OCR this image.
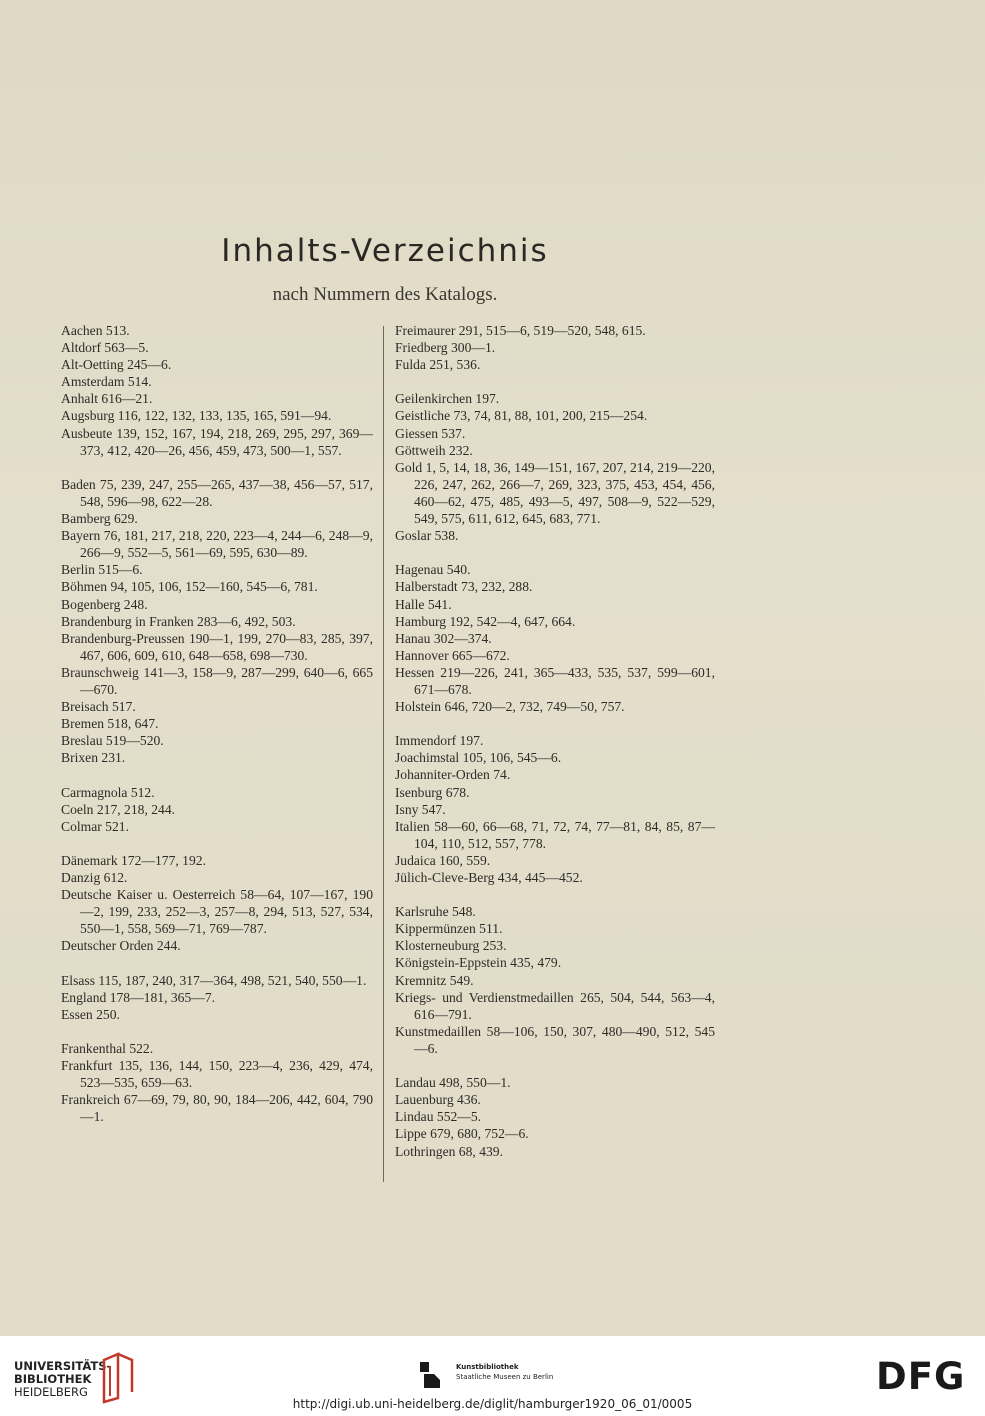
Inhalts-Verzeichnis
nach Nummern des Katalogs.
Aachen 513.
Altdorf 563—5.
Alt-Oetting 245—6.
Amsterdam 514.
Anhalt 616—21.
Augsburg 116, 122, 132, 133, 135, 165, 591—94.
Ausbeute 139, 152, 167, 194, 218, 269, 295, 297, 369—373, 412, 420—26, 456, 459, 473, 500—1, 557.
Baden 75, 239, 247, 255—265, 437—38, 456—57, 517, 548, 596—98, 622—28.
Bamberg 629.
Bayern 76, 181, 217, 218, 220, 223—4, 244—6, 248—9, 266—9, 552—5, 561—69, 595, 630—89.
Berlin 515—6.
Böhmen 94, 105, 106, 152—160, 545—6, 781.
Bogenberg 248.
Brandenburg in Franken 283—6, 492, 503.
Brandenburg-Preussen 190—1, 199, 270—83, 285, 397, 467, 606, 609, 610, 648—658, 698—730.
Braunschweig 141—3, 158—9, 287—299, 640—6, 665—670.
Breisach 517.
Bremen 518, 647.
Breslau 519—520.
Brixen 231.
Carmagnola 512.
Coeln 217, 218, 244.
Colmar 521.
Dänemark 172—177, 192.
Danzig 612.
Deutsche Kaiser u. Oesterreich 58—64, 107—167, 190—2, 199, 233, 252—3, 257—8, 294, 513, 527, 534, 550—1, 558, 569—71, 769—787.
Deutscher Orden 244.
Elsass 115, 187, 240, 317—364, 498, 521, 540, 550—1.
England 178—181, 365—7.
Essen 250.
Frankenthal 522.
Frankfurt 135, 136, 144, 150, 223—4, 236, 429, 474, 523—535, 659—63.
Frankreich 67—69, 79, 80, 90, 184—206, 442, 604, 790—1.
Freimaurer 291, 515—6, 519—520, 548, 615.
Friedberg 300—1.
Fulda 251, 536.
Geilenkirchen 197.
Geistliche 73, 74, 81, 88, 101, 200, 215—254.
Giessen 537.
Göttweih 232.
Gold 1, 5, 14, 18, 36, 149—151, 167, 207, 214, 219—220, 226, 247, 262, 266—7, 269, 323, 375, 453, 454, 456, 460—62, 475, 485, 493—5, 497, 508—9, 522—529, 549, 575, 611, 612, 645, 683, 771.
Goslar 538.
Hagenau 540.
Halberstadt 73, 232, 288.
Halle 541.
Hamburg 192, 542—4, 647, 664.
Hanau 302—374.
Hannover 665—672.
Hessen 219—226, 241, 365—433, 535, 537, 599—601, 671—678.
Holstein 646, 720—2, 732, 749—50, 757.
Immendorf 197.
Joachimstal 105, 106, 545—6.
Johanniter-Orden 74.
Isenburg 678.
Isny 547.
Italien 58—60, 66—68, 71, 72, 74, 77—81, 84, 85, 87—104, 110, 512, 557, 778.
Judaica 160, 559.
Jülich-Cleve-Berg 434, 445—452.
Karlsruhe 548.
Kippermünzen 511.
Klosterneuburg 253.
Königstein-Eppstein 435, 479.
Kremnitz 549.
Kriegs- und Verdienstmedaillen 265, 504, 544, 563—4, 616—791.
Kunstmedaillen 58—106, 150, 307, 480—490, 512, 545—6.
Landau 498, 550—1.
Lauenburg 436.
Lindau 552—5.
Lippe 679, 680, 752—6.
Lothringen 68, 439.
UNIVERSITÄTS-
BIBLIOTHEK
HEIDELBERG
Kunstbibliothek
Staatliche Museen zu Berlin	DFG
http://digi.ub.uni-heidelberg.de/diglit/hamburger1920_06_01/0005
